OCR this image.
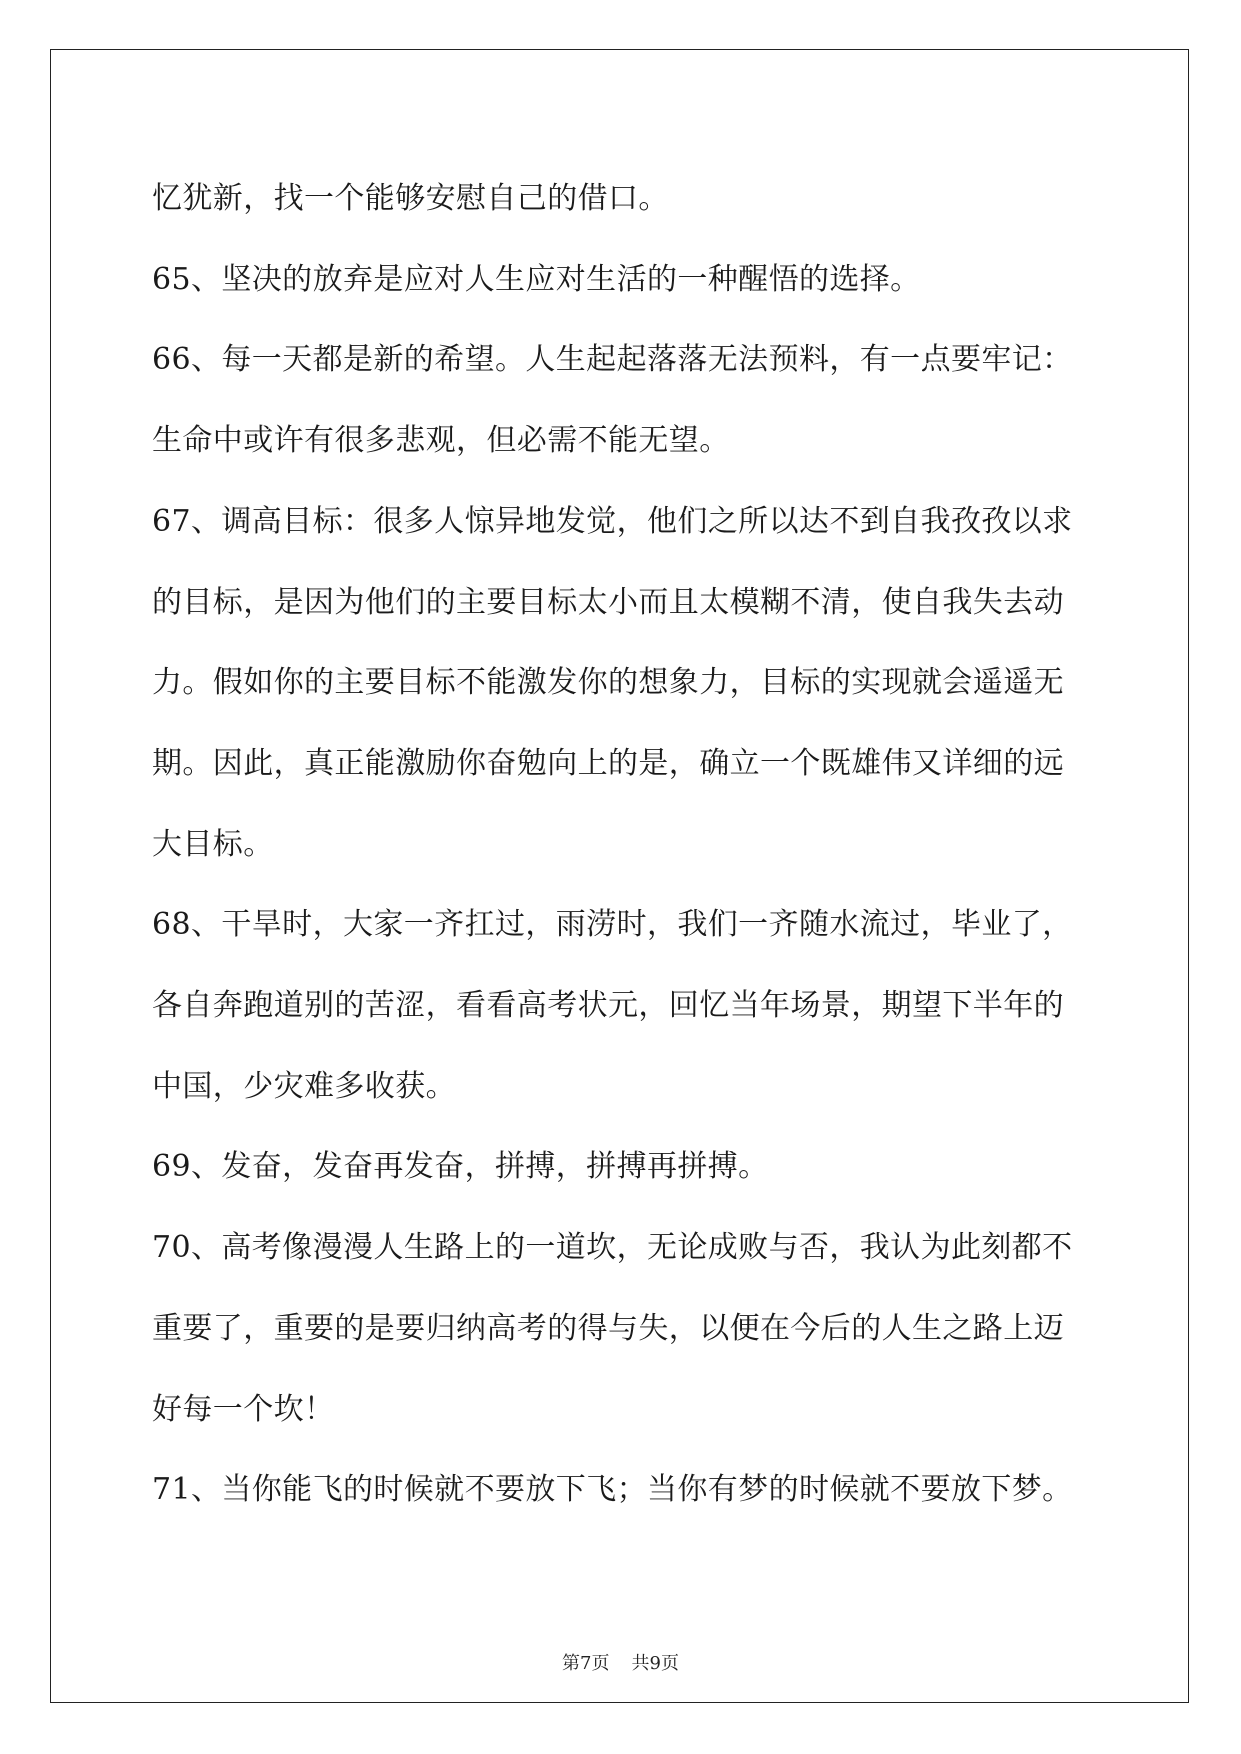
忆犹新，找一个能够安慰自己的借口。
65、坚决的放弃是应对人生应对生活的一种醒悟的选择。
66、每一天都是新的希望。人生起起落落无法预料，有一点要牢记：
生命中或许有很多悲观，但必需不能无望。
67、调高目标：很多人惊异地发觉，他们之所以达不到自我孜孜以求
的目标，是因为他们的主要目标太小而且太模糊不清，使自我失去动
力。假如你的主要目标不能激发你的想象力，目标的实现就会遥遥无
期。因此，真正能激励你奋勉向上的是，确立一个既雄伟又详细的远
大目标。
68、干旱时，大家一齐扛过，雨涝时，我们一齐随水流过，毕业了，
各自奔跑道别的苦涩，看看高考状元，回忆当年场景，期望下半年的
中国，少灾难多收获。
69、发奋，发奋再发奋，拼搏，拼搏再拼搏。
70、高考像漫漫人生路上的一道坎，无论成败与否，我认为此刻都不
重要了，重要的是要归纳高考的得与失，以便在今后的人生之路上迈
好每一个坎！
71、当你能飞的时候就不要放下飞；当你有梦的时候就不要放下梦。
第7页 共9页
